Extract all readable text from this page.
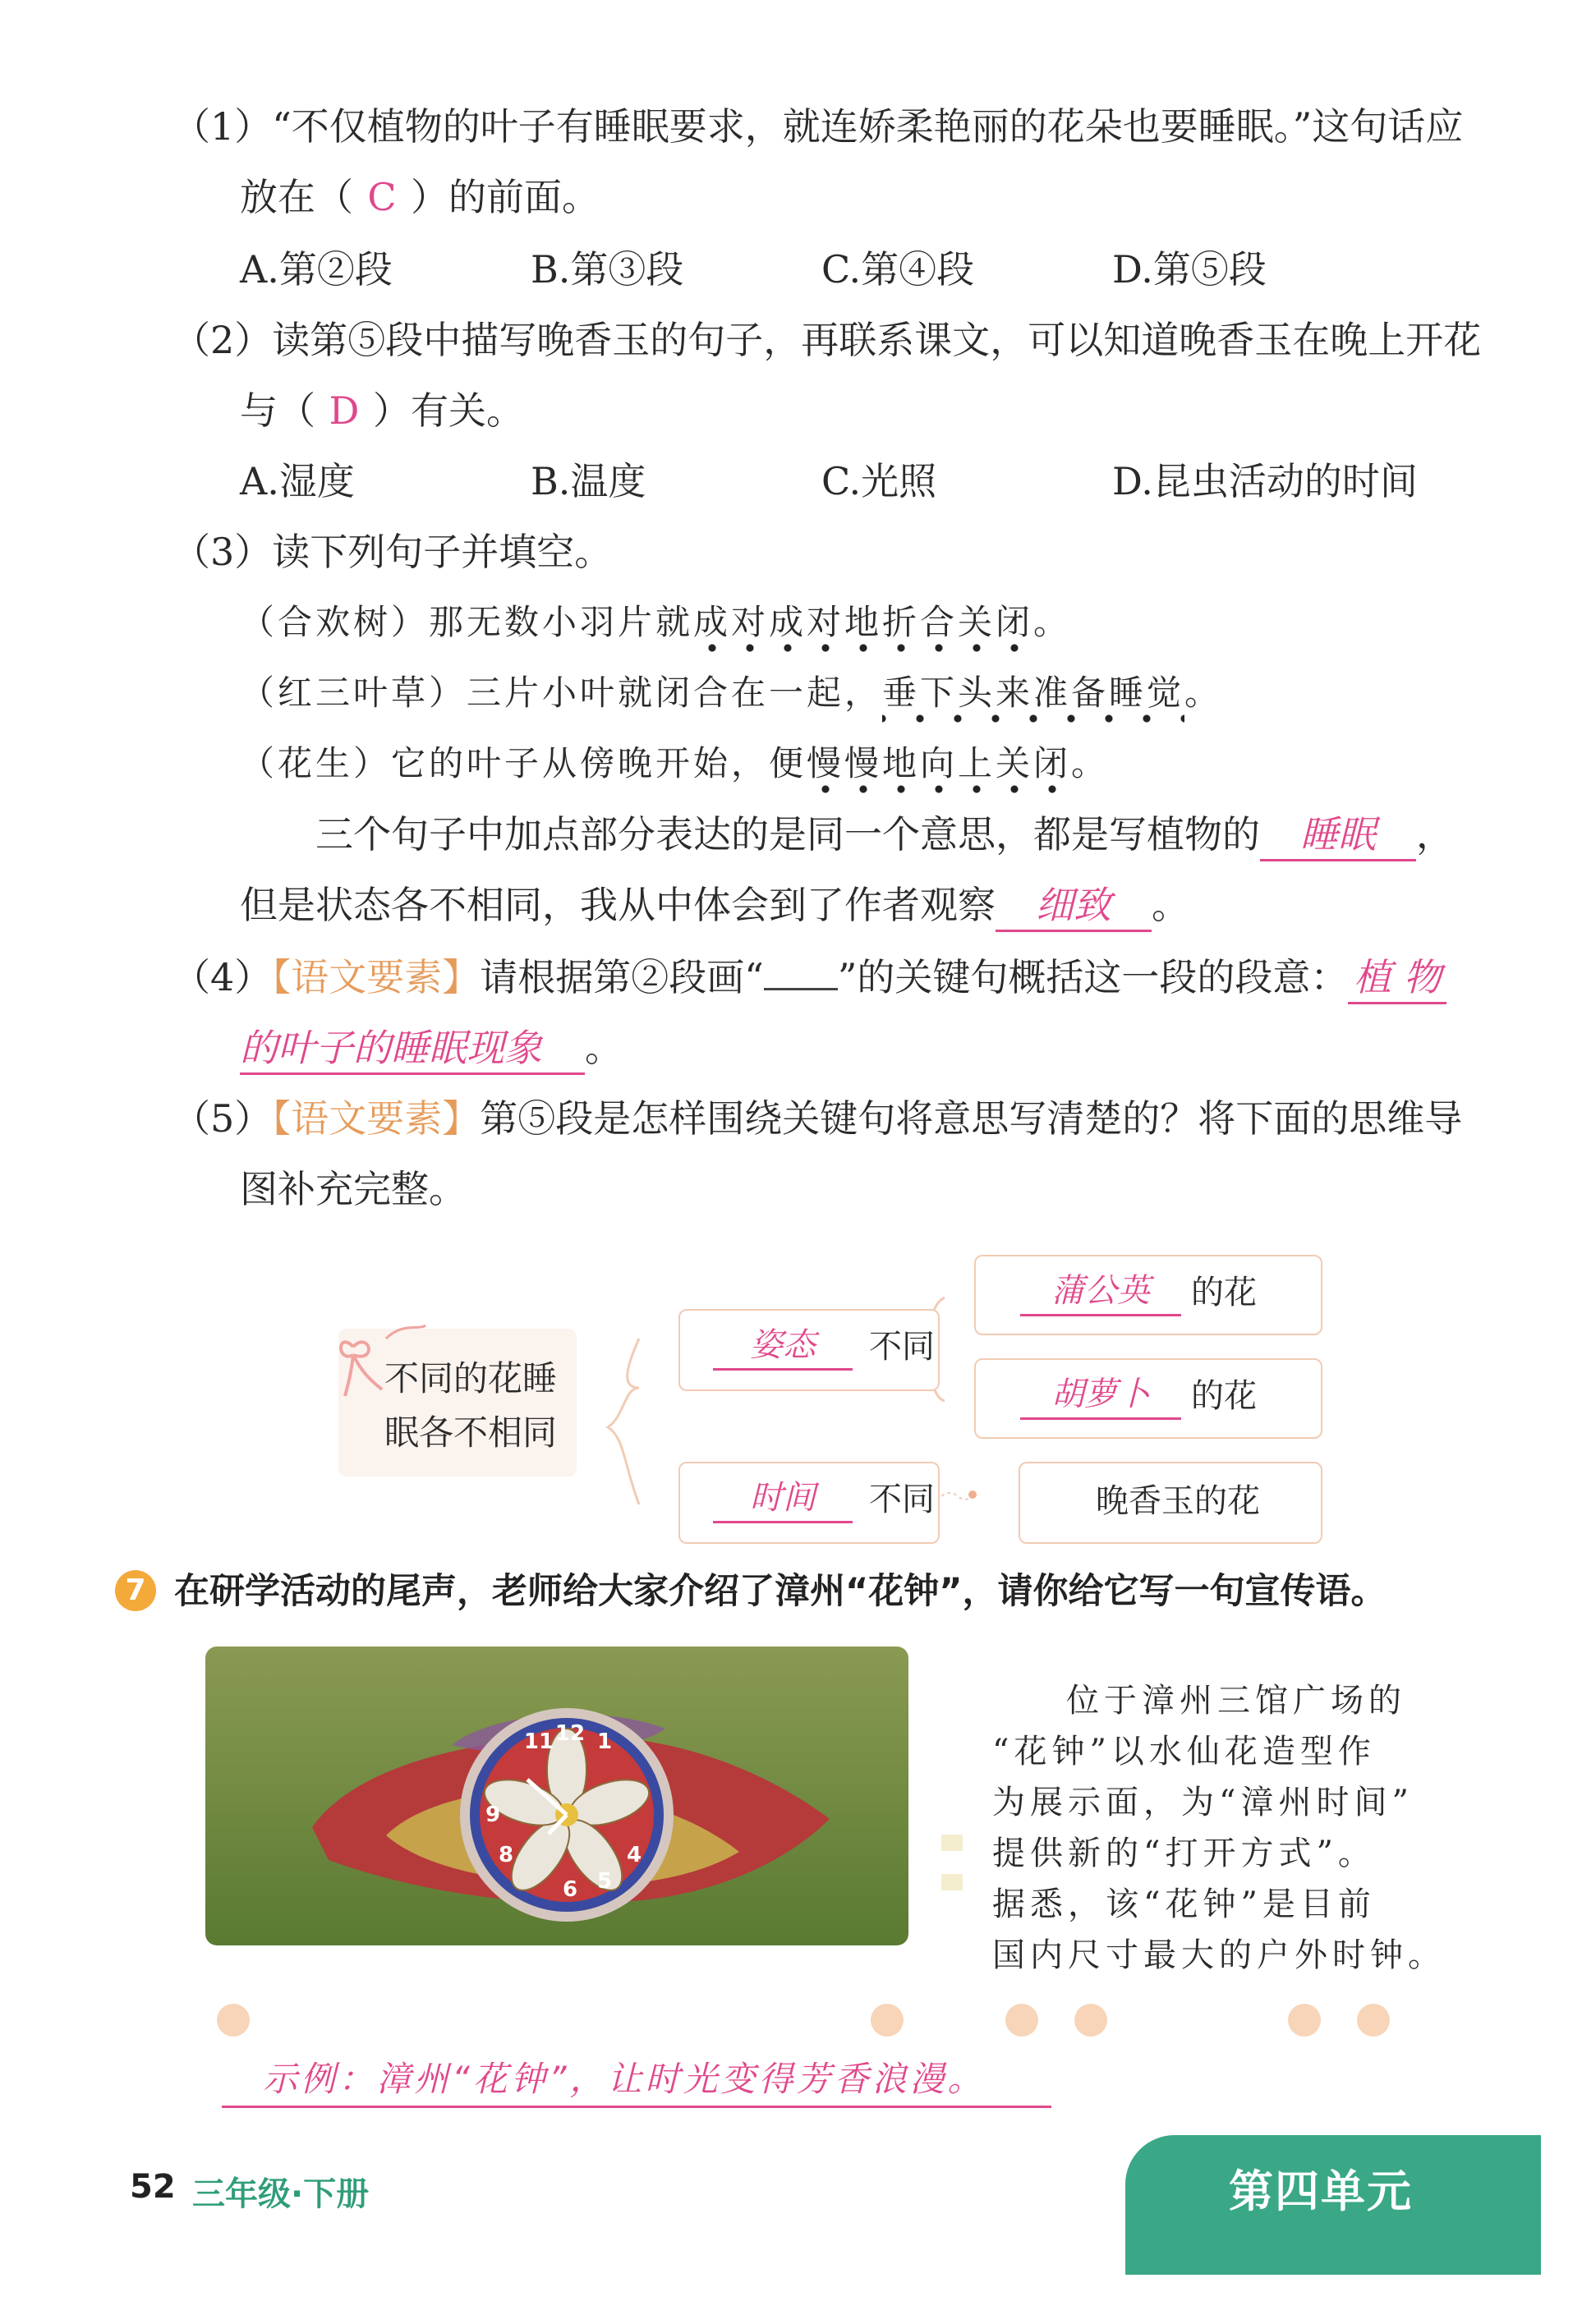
（1）“不仅植物的叶子有睡眠要求，就连娇柔艳丽的花朵也要睡眠。”这句话应
放在（ C ）的前面。
A.第②段	B.第③段	C.第④段	D.第⑤段
（2）读第⑤段中描写晚香玉的句子，再联系课文，可以知道晚香玉在晚上开花
与（ D ）有关。
A.湿度	B.温度	C.光照	D.昆虫活动的时间
（3）读下列句子并填空。
（合欢树）那无数小羽片就成对成对地折合关闭。
（红三叶草）三片小叶就闭合在一起，垂下头来准备睡觉。
（花生）它的叶子从傍晚开始，便慢慢地向上关闭。
三个句子中加点部分表达的是同一个意思，都是写植物的 睡眠 ，
但是状态各不相同，我从中体会到了作者观察 细致 。
（4）【语文要素】请根据第②段画“ ”的关键句概括这一段的段意： 植 物
的叶子的睡眠现象 。
（5）【语文要素】第⑤段是怎样围绕关键句将意思写清楚的？将下面的思维导
图补充完整。
不同的花睡
眠各不相同
姿态	不同
蒲公英	的花
胡萝卜	的花
时间	不同	晚香玉的花
7 在研学活动的尾声，老师给大家介绍了漳州“花钟”，请你给它写一句宣传语。
11 12 1
9
8	4
5
6
位于漳州三馆广场的
“花钟”以水仙花造型作
为展示面，为“漳州时间”
提供新的“打开方式”。
据悉，该“花钟”是目前
国内尺寸最大的户外时钟。
示例：漳州“花钟”，让时光变得芳香浪漫。
52 三年级·下册	第四单元
